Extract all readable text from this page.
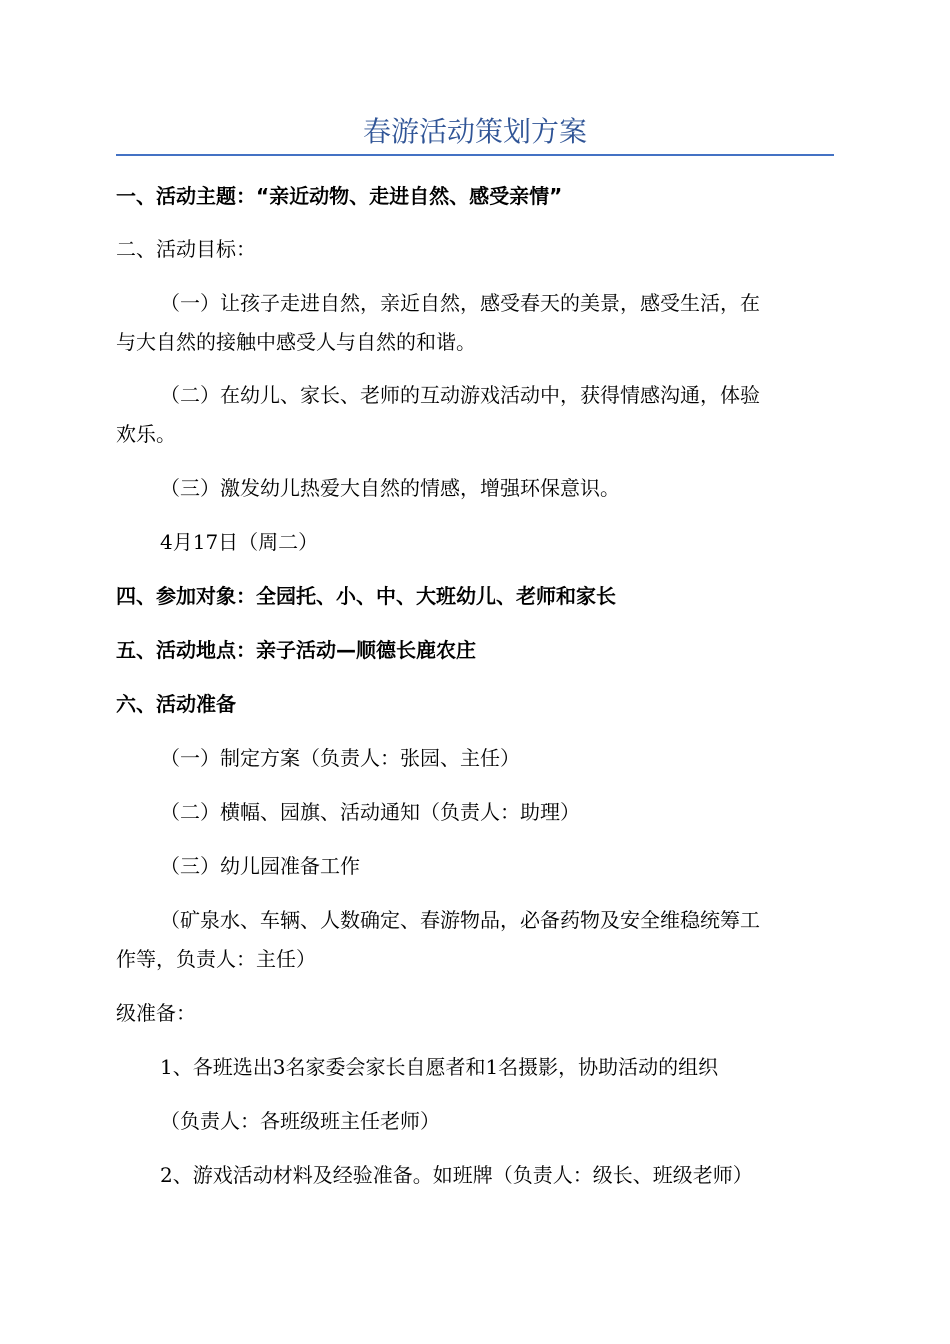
春游活动策划方案
一、活动主题：“亲近动物、走进自然、感受亲情”
二、活动目标：
（一）让孩子走进自然，亲近自然，感受春天的美景，感受生活，在
与大自然的接触中感受人与自然的和谐。
（二）在幼儿、家长、老师的互动游戏活动中，获得情感沟通，体验
欢乐。
（三）激发幼儿热爱大自然的情感，增强环保意识。
4月17日（周二）
四、参加对象：全园托、小、中、大班幼儿、老师和家长
五、活动地点：亲子活动—顺德长鹿农庄
六、活动准备
（一）制定方案（负责人：张园、主任）
（二）横幅、园旗、活动通知（负责人：助理）
（三）幼儿园准备工作
（矿泉水、车辆、人数确定、春游物品，必备药物及安全维稳统筹工
作等，负责人：主任）
级准备：
1、各班选出3名家委会家长自愿者和1名摄影，协助活动的组织
（负责人：各班级班主任老师）
2、游戏活动材料及经验准备。如班牌（负责人：级长、班级老师）
